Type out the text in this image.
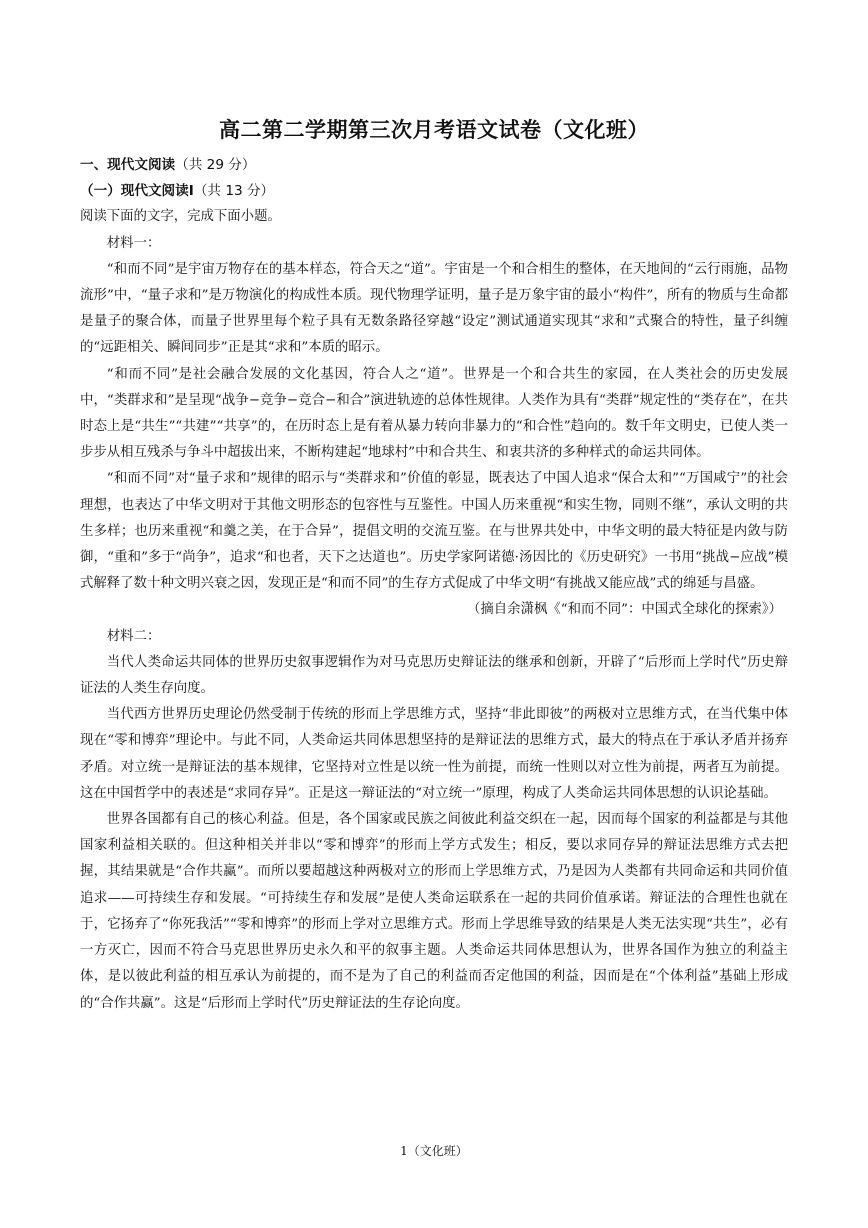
高二第二学期第三次月考语文试卷（文化班）

一、现代文阅读（共 29 分）

（一）现代文阅读Ⅰ（共 13 分）

阅读下面的文字，完成下面小题。

材料一：

“和而不同”是宇宙万物存在的基本样态，符合天之“道”。宇宙是一个和合相生的整体，在天地间的“云行雨施，品物流形”中，“量子求和”是万物演化的构成性本质。现代物理学证明，量子是万象宇宙的最小“构件”，所有的物质与生命都是量子的聚合体，而量子世界里每个粒子具有无数条路径穿越“设定”测试通道实现其“求和”式聚合的特性，量子纠缠的“远距相关、瞬间同步”正是其“求和”本质的昭示。

“和而不同”是社会融合发展的文化基因，符合人之“道”。世界是一个和合共生的家园，在人类社会的历史发展中，“类群求和”是呈现“战争−竞争−竞合−和合”演进轨迹的总体性规律。人类作为具有“类群”规定性的“类存在”，在共时态上是“共生”“共建”“共享”的，在历时态上是有着从暴力转向非暴力的“和合性”趋向的。数千年文明史，已使人类一步步从相互残杀与争斗中超拔出来，不断构建起“地球村”中和合共生、和衷共济的多种样式的命运共同体。

“和而不同”对“量子求和”规律的昭示与“类群求和”价值的彰显，既表达了中国人追求“保合太和”“万国咸宁”的社会理想，也表达了中华文明对于其他文明形态的包容性与互鉴性。中国人历来重视“和实生物，同则不继”，承认文明的共生多样；也历来重视“和羹之美，在于合异”，提倡文明的交流互鉴。在与世界共处中，中华文明的最大特征是内敛与防御，“重和”多于“尚争”，追求“和也者，天下之达道也”。历史学家阿诺德·汤因比的《历史研究》一书用“挑战−应战”模式解释了数十种文明兴衰之因，发现正是“和而不同”的生存方式促成了中华文明“有挑战又能应战”式的绵延与昌盛。

（摘自余潇枫《“和而不同”：中国式全球化的探索》）

材料二：

当代人类命运共同体的世界历史叙事逻辑作为对马克思历史辩证法的继承和创新，开辟了“后形而上学时代”历史辩证法的人类生存向度。

当代西方世界历史理论仍然受制于传统的形而上学思维方式，坚持“非此即彼”的两极对立思维方式，在当代集中体现在“零和博弈”理论中。与此不同，人类命运共同体思想坚持的是辩证法的思维方式，最大的特点在于承认矛盾并扬弃矛盾。对立统一是辩证法的基本规律，它坚持对立性是以统一性为前提，而统一性则以对立性为前提，两者互为前提。这在中国哲学中的表述是“求同存异”。正是这一辩证法的“对立统一”原理，构成了人类命运共同体思想的认识论基础。

世界各国都有自己的核心利益。但是，各个国家或民族之间彼此利益交织在一起，因而每个国家的利益都是与其他国家利益相关联的。但这种相关并非以“零和博弈”的形而上学方式发生；相反，要以求同存异的辩证法思维方式去把握，其结果就是“合作共赢”。而所以要超越这种两极对立的形而上学思维方式，乃是因为人类都有共同命运和共同价值追求——可持续生存和发展。“可持续生存和发展”是使人类命运联系在一起的共同价值承诺。辩证法的合理性也就在于，它扬弃了“你死我活”“零和博弈”的形而上学对立思维方式。形而上学思维导致的结果是人类无法实现“共生”，必有一方灭亡，因而不符合马克思世界历史永久和平的叙事主题。人类命运共同体思想认为，世界各国作为独立的利益主体，是以彼此利益的相互承认为前提的，而不是为了自己的利益而否定他国的利益，因而是在“个体利益”基础上形成的“合作共赢”。这是“后形而上学时代”历史辩证法的生存论向度。

1（文化班）
